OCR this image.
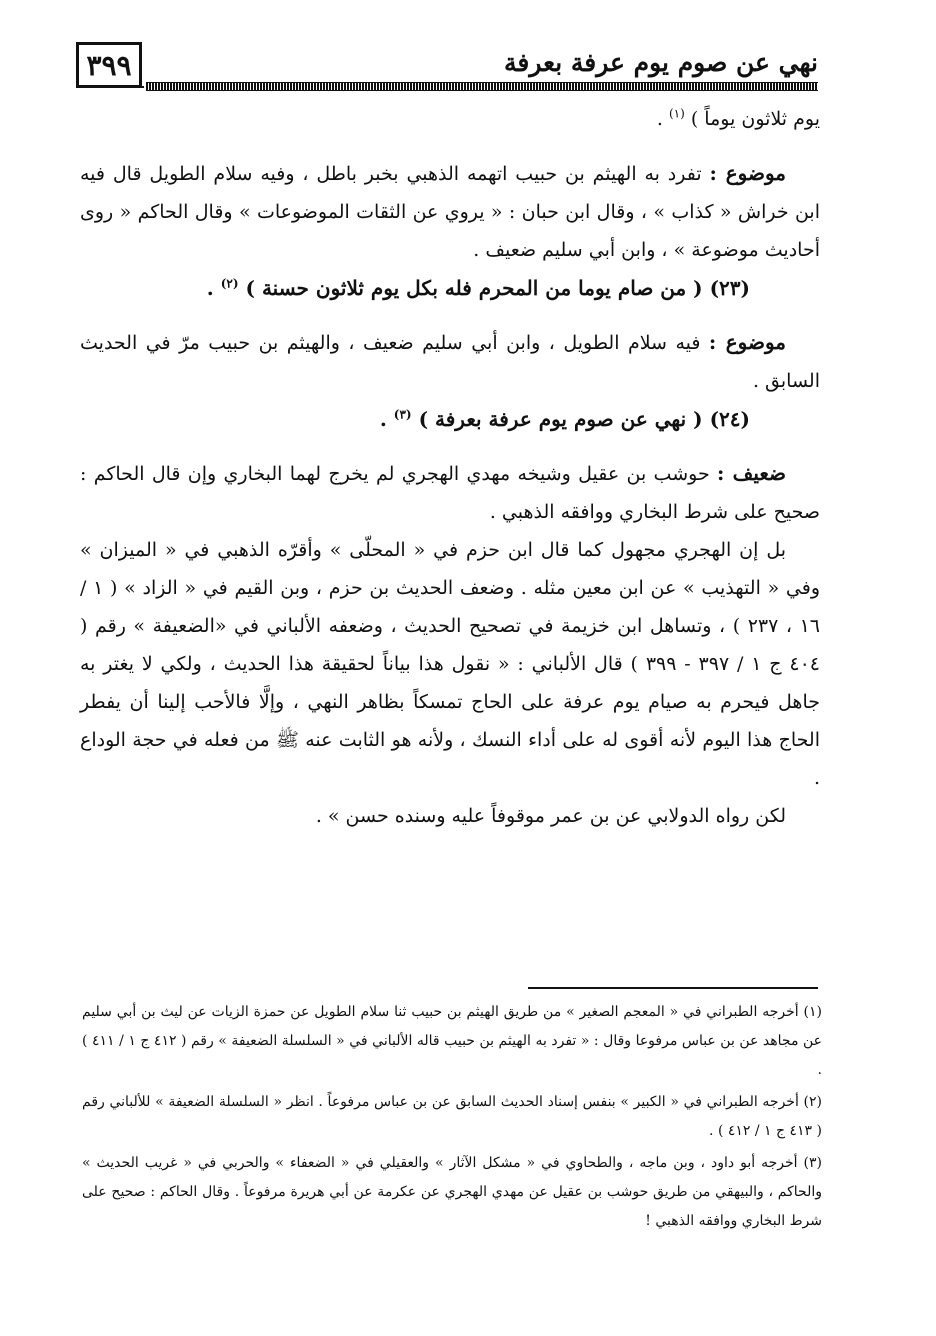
٣٩٩	نهي عن صوم يوم عرفة بعرفة

يوم ثلاثون يوماً ) $^{(١)}$ .

موضوع : تفرد به الهيثم بن حبيب اتهمه الذهبي بخبر باطل ، وفيه سلام الطويل قال فيه ابن خراش « كذاب » ، وقال ابن حبان : « يروي عن الثقات الموضوعات » وقال الحاكم « روى أحاديث موضوعة » ، وابن أبي سليم ضعيف .

(٢٣) ( من صام يوما من المحرم فله بكل يوم ثلاثون حسنة ) $^{(٢)}$ .

موضوع : فيه سلام الطويل ، وابن أبي سليم ضعيف ، والهيثم بن حبيب مرّ في الحديث السابق .

(٢٤) ( نهي عن صوم يوم عرفة بعرفة ) $^{(٣)}$ .

ضعيف : حوشب بن عقيل وشيخه مهدي الهجري لم يخرج لهما البخاري وإن قال الحاكم : صحيح على شرط البخاري ووافقه الذهبي .

بل إن الهجري مجهول كما قال ابن حزم في « المحلّى » وأقرّه الذهبي في « الميزان » وفي « التهذيب » عن ابن معين مثله . وضعف الحديث بن حزم ، وبن القيم في « الزاد » ( ١ / ١٦ ، ٢٣٧ ) ، وتساهل ابن خزيمة في تصحيح الحديث ، وضعفه الألباني في «الضعيفة » رقم ( ٤٠٤ ج ١ / ٣٩٧ - ٣٩٩ ) قال الألباني : « نقول هذا بياناً لحقيقة هذا الحديث ، ولكي لا يغتر به جاهل فيحرم به صيام يوم عرفة على الحاج تمسكاً بظاهر النهي ، وإلَّا فالأحب إلينا أن يفطر الحاج هذا اليوم لأنه أقوى له على أداء النسك ، ولأنه هو الثابت عنه ﷺ من فعله في حجة الوداع .

لكن رواه الدولابي عن بن عمر موقوفاً عليه وسنده حسن » .

(١) أخرجه الطبراني في « المعجم الصغير » من طريق الهيثم بن حبيب ثنا سلام الطويل عن حمزة الزيات عن ليث بن أبي سليم عن مجاهد عن بن عباس مرفوعا وقال : « تفرد به الهيثم بن حبيب قاله الألباني في « السلسلة الضعيفة » رقم ( ٤١٢ ج ١ / ٤١١ ) .

(٢) أخرجه الطبراني في « الكبير » بنفس إسناد الحديث السابق عن بن عباس مرفوعاً . انظر « السلسلة الضعيفة » للألباني رقم ( ٤١٣ ج ١ / ٤١٢ ) .

(٣) أخرجه أبو داود ، وبن ماجه ، والطحاوي في « مشكل الآثار » والعقيلي في « الضعفاء » والحربي في « غريب الحديث » والحاكم ، والبيهقي من طريق حوشب بن عقيل عن مهدي الهجري عن عكرمة عن أبي هريرة مرفوعاً . وقال الحاكم : صحيح على شرط البخاري ووافقه الذهبي !
